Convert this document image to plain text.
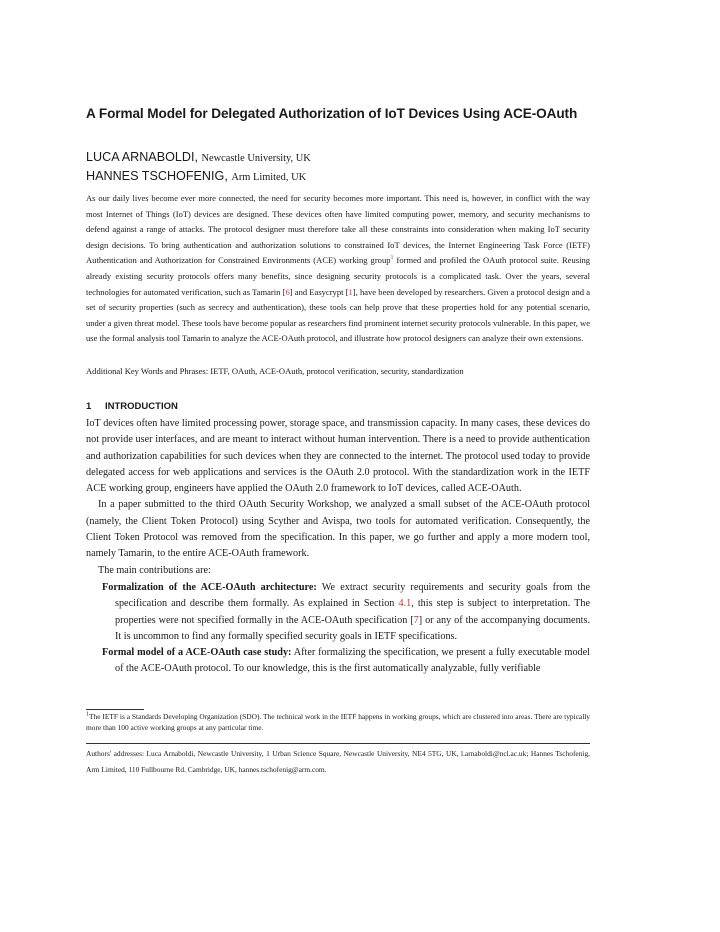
A Formal Model for Delegated Authorization of IoT Devices Using ACE-OAuth
LUCA ARNABOLDI, Newcastle University, UK
HANNES TSCHOFENIG, Arm Limited, UK
As our daily lives become ever more connected, the need for security becomes more important. This need is, however, in conflict with the way most Internet of Things (IoT) devices are designed. These devices often have limited computing power, memory, and security mechanisms to defend against a range of attacks. The protocol designer must therefore take all these constraints into consideration when making IoT security design decisions. To bring authentication and authorization solutions to constrained IoT devices, the Internet Engineering Task Force (IETF) Authentication and Authorization for Constrained Environments (ACE) working group$^1$ formed and profiled the OAuth protocol suite. Reusing already existing security protocols offers many benefits, since designing security protocols is a complicated task. Over the years, several technologies for automated verification, such as Tamarin [6] and Easycrypt [1], have been developed by researchers. Given a protocol design and a set of security properties (such as secrecy and authentication), these tools can help prove that these properties hold for any potential scenario, under a given threat model. These tools have become popular as researchers find prominent internet security protocols vulnerable. In this paper, we use the formal analysis tool Tamarin to analyze the ACE-OAuth protocol, and illustrate how protocol designers can analyze their own extensions.
Additional Key Words and Phrases: IETF, OAuth, ACE-OAuth, protocol verification, security, standardization
1 INTRODUCTION

IoT devices often have limited processing power, storage space, and transmission capacity. In many cases, these devices do not provide user interfaces, and are meant to interact without human intervention. There is a need to provide authentication and authorization capabilities for such devices when they are connected to the internet. The protocol used today to provide delegated access for web applications and services is the OAuth 2.0 protocol. With the standardization work in the IETF ACE working group, engineers have applied the OAuth 2.0 framework to IoT devices, called ACE-OAuth.

In a paper submitted to the third OAuth Security Workshop, we analyzed a small subset of the ACE-OAuth protocol (namely, the Client Token Protocol) using Scyther and Avispa, two tools for automated verification. Consequently, the Client Token Protocol was removed from the specification. In this paper, we go further and apply a more modern tool, namely Tamarin, to the entire ACE-OAuth framework.

The main contributions are:

Formalization of the ACE-OAuth architecture: We extract security requirements and security goals from the specification and describe them formally. As explained in Section 4.1, this step is subject to interpretation. The properties were not specified formally in the ACE-OAuth specification [7] or any of the accompanying documents. It is uncommon to find any formally specified security goals in IETF specifications.
Formal model of a ACE-OAuth case study: After formalizing the specification, we present a fully executable model of the ACE-OAuth protocol. To our knowledge, this is the first automatically analyzable, fully verifiable
$^1$The IETF is a Standards Developing Organization (SDO). The technical work in the IETF happens in working groups, which are clustered into areas. There are typically more than 100 active working groups at any particular time.
Authors' addresses: Luca Arnaboldi, Newcastle University, 1 Urban Science Square, Newcastle University, NE4 5TG, UK, l.arnaboldi@ncl.ac.uk; Hannes Tschofenig, Arm Limited, 110 Fullbourne Rd. Cambridge, UK, hannes.tschofenig@arm.com.
